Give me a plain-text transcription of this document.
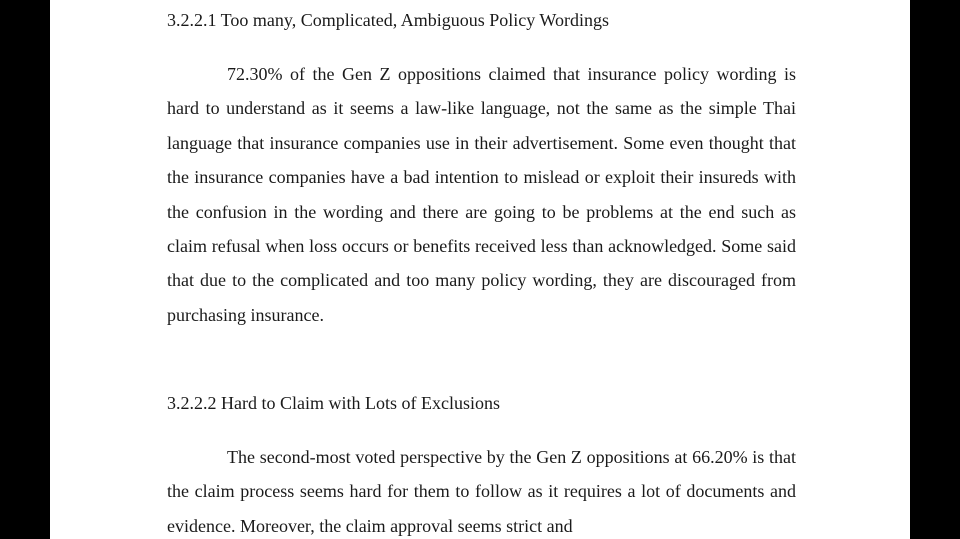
3.2.2.1 Too many, Complicated, Ambiguous Policy Wordings

72.30% of the Gen Z oppositions claimed that insurance policy wording is hard to understand as it seems a law-like language, not the same as the simple Thai language that insurance companies use in their advertisement. Some even thought that the insurance companies have a bad intention to mislead or exploit their insureds with the confusion in the wording and there are going to be problems at the end such as claim refusal when loss occurs or benefits received less than acknowledged. Some said that due to the complicated and too many policy wording, they are discouraged from purchasing insurance.

3.2.2.2 Hard to Claim with Lots of Exclusions

The second-most voted perspective by the Gen Z oppositions at 66.20% is that the claim process seems hard for them to follow as it requires a lot of documents and evidence. Moreover, the claim approval seems strict and
